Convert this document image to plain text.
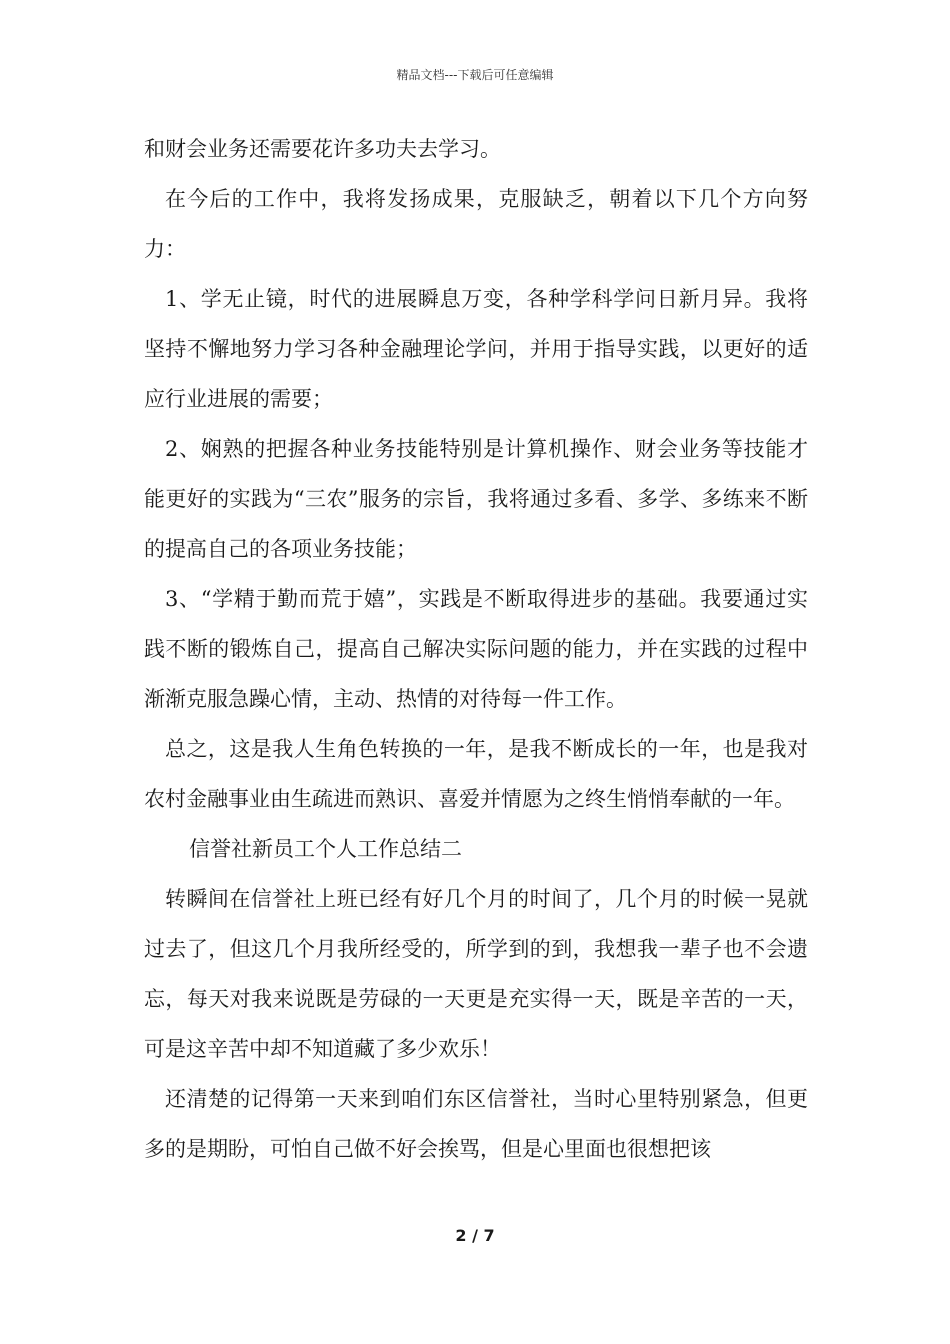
精品文档---下载后可任意编辑

和财会业务还需要花许多功夫去学习。

在今后的工作中，我将发扬成果，克服缺乏，朝着以下几个方向努力：

1、学无止镜，时代的进展瞬息万变，各种学科学问日新月异。我将坚持不懈地努力学习各种金融理论学问，并用于指导实践，以更好的适应行业进展的需要；

2、娴熟的把握各种业务技能特别是计算机操作、财会业务等技能才能更好的实践为“三农”服务的宗旨，我将通过多看、多学、多练来不断的提高自己的各项业务技能；

3、“学精于勤而荒于嬉”，实践是不断取得进步的基础。我要通过实践不断的锻炼自己，提高自己解决实际问题的能力，并在实践的过程中渐渐克服急躁心情，主动、热情的对待每一件工作。

总之，这是我人生角色转换的一年，是我不断成长的一年，也是我对农村金融事业由生疏进而熟识、喜爱并情愿为之终生悄悄奉献的一年。

信誉社新员工个人工作总结二

转瞬间在信誉社上班已经有好几个月的时间了，几个月的时候一晃就过去了，但这几个月我所经受的，所学到的到，我想我一辈子也不会遗忘，每天对我来说既是劳碌的一天更是充实得一天，既是辛苦的一天，可是这辛苦中却不知道藏了多少欢乐！

还清楚的记得第一天来到咱们东区信誉社，当时心里特别紧急，但更多的是期盼，可怕自己做不好会挨骂，但是心里面也很想把该

2 / 7
